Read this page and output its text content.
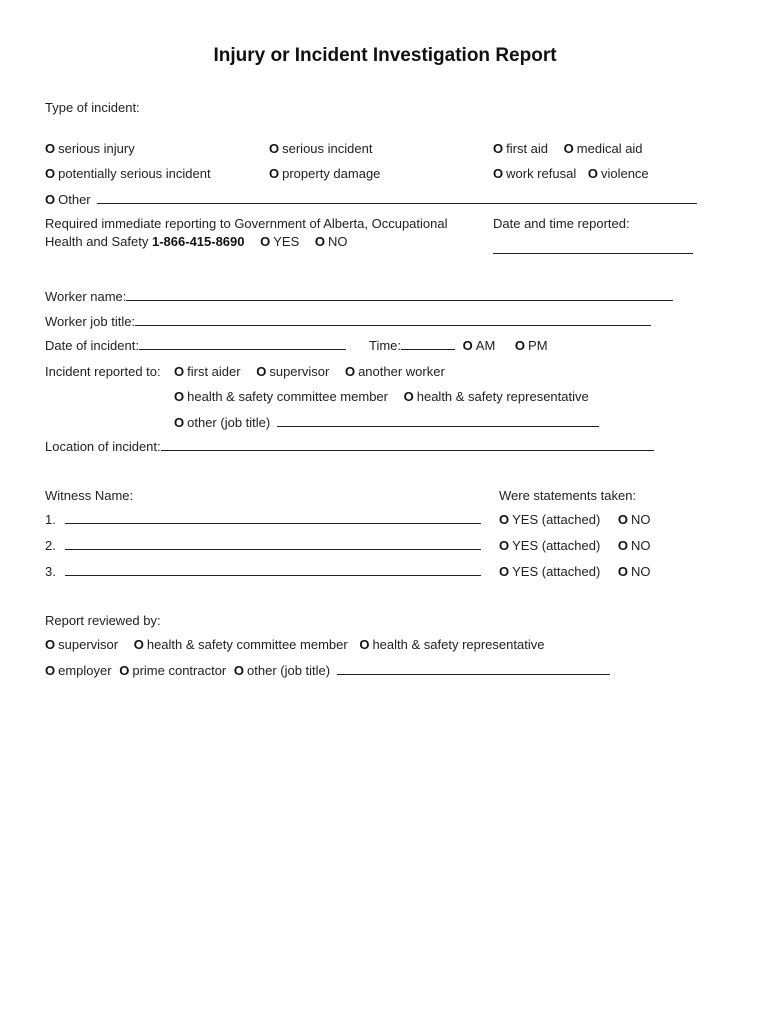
Injury or Incident Investigation Report
Type of incident:
O serious injury	O serious incident	O first aid O medical aid
O potentially serious incident	O property damage	O work refusal O violence
O Other
Required immediate reporting to Government of Alberta, Occupational
Health and Safety 1-866-415-8690 O YES O NO
Date and time reported:
Worker name:
Worker job title:
Date of incident:	Time:	O AM O PM
Incident reported to: O first aider O supervisor O another worker
O health & safety committee member O health & safety representative
O other (job title)
Location of incident:
Witness Name:	Were statements taken:
1.	O YES (attached) O NO
2.	O YES (attached) O NO
3.	O YES (attached) O NO
Report reviewed by:
O supervisor O health & safety committee member O health & safety representative
O employer O prime contractor O other (job title)
